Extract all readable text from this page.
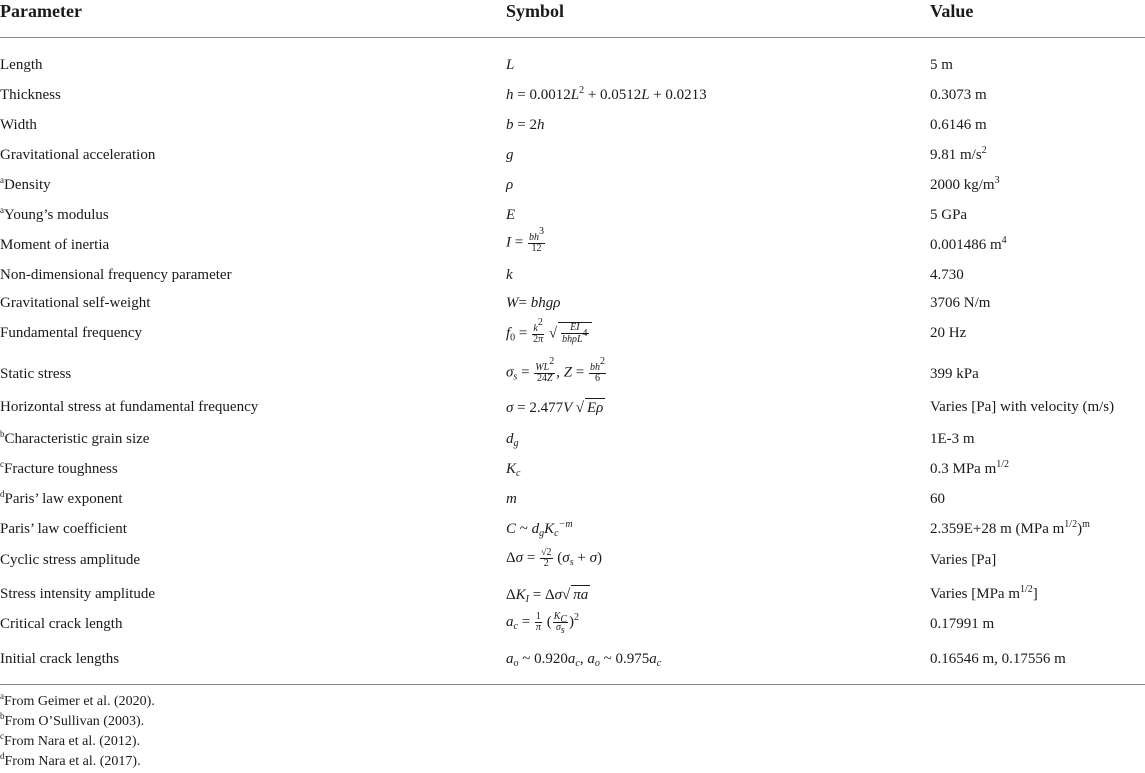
Parameter	Symbol	Value
Length	L	5 m
Thickness	$h = 0.0012L^2 + 0.0512L + 0.0213$	0.3073 m
Width	b = 2h	0.6146 m
Gravitational acceleration	g	9.81 $m/s^2$
$^a$Density	ρ	2000 $kg/m^3$
$^a$Young’s modulus	E	5 GPa
Moment of inertia	$I = \frac{bh^3}{12}$	0.001486 $m^4$
Non-dimensional frequency parameter	k	4.730
Gravitational self-weight	W= bhgρ	3706 N/m
Fundamental frequency	$f_0 = \frac{k^2}{2\pi}$ √ $\frac{EI}{bh\rho L^4}$	20 Hz
Static stress	$\sigma_s = \frac{WL^2}{24Z}$ , $Z = \frac{bh^2}{6}$	399 kPa
Horizontal stress at fundamental frequency	σ = 2.477V √ Eρ	Varies [Pa] with velocity (m/s)
$^b$Characteristic grain size	$d_g$	1E-3 m
$^c$Fracture toughness	$K_c$	0.3 MPa $m^{1/2}$
$^d$Paris’ law exponent	m	60
Paris’ law coefficient	C ~ $d_gK_c^{-m}$	2.359E+28 m (MPa $m^{1/2})^m$
Cyclic stress amplitude	$\Delta\sigma = \frac{√2}{2} (\sigma_s + \sigma)$	Varies [Pa]
Stress intensity amplitude	$\Delta K_I = \Delta\sigma√$ πa	Varies [MPa $m^{1/2}$]
Critical crack length	$a_c = \frac{1}{\pi}$ ( $\frac{K_C}{\sigma_s} )^2$	0.17991 m
Initial crack lengths	$a_o$ ~ $0.920a_c$, $a_o$ ~ $0.975a_c$	0.16546 m, 0.17556 m
$^a$From Geimer et al. (2020).
$^b$From O’Sullivan (2003).
$^c$From Nara et al. (2012).
$^d$From Nara et al. (2017).
